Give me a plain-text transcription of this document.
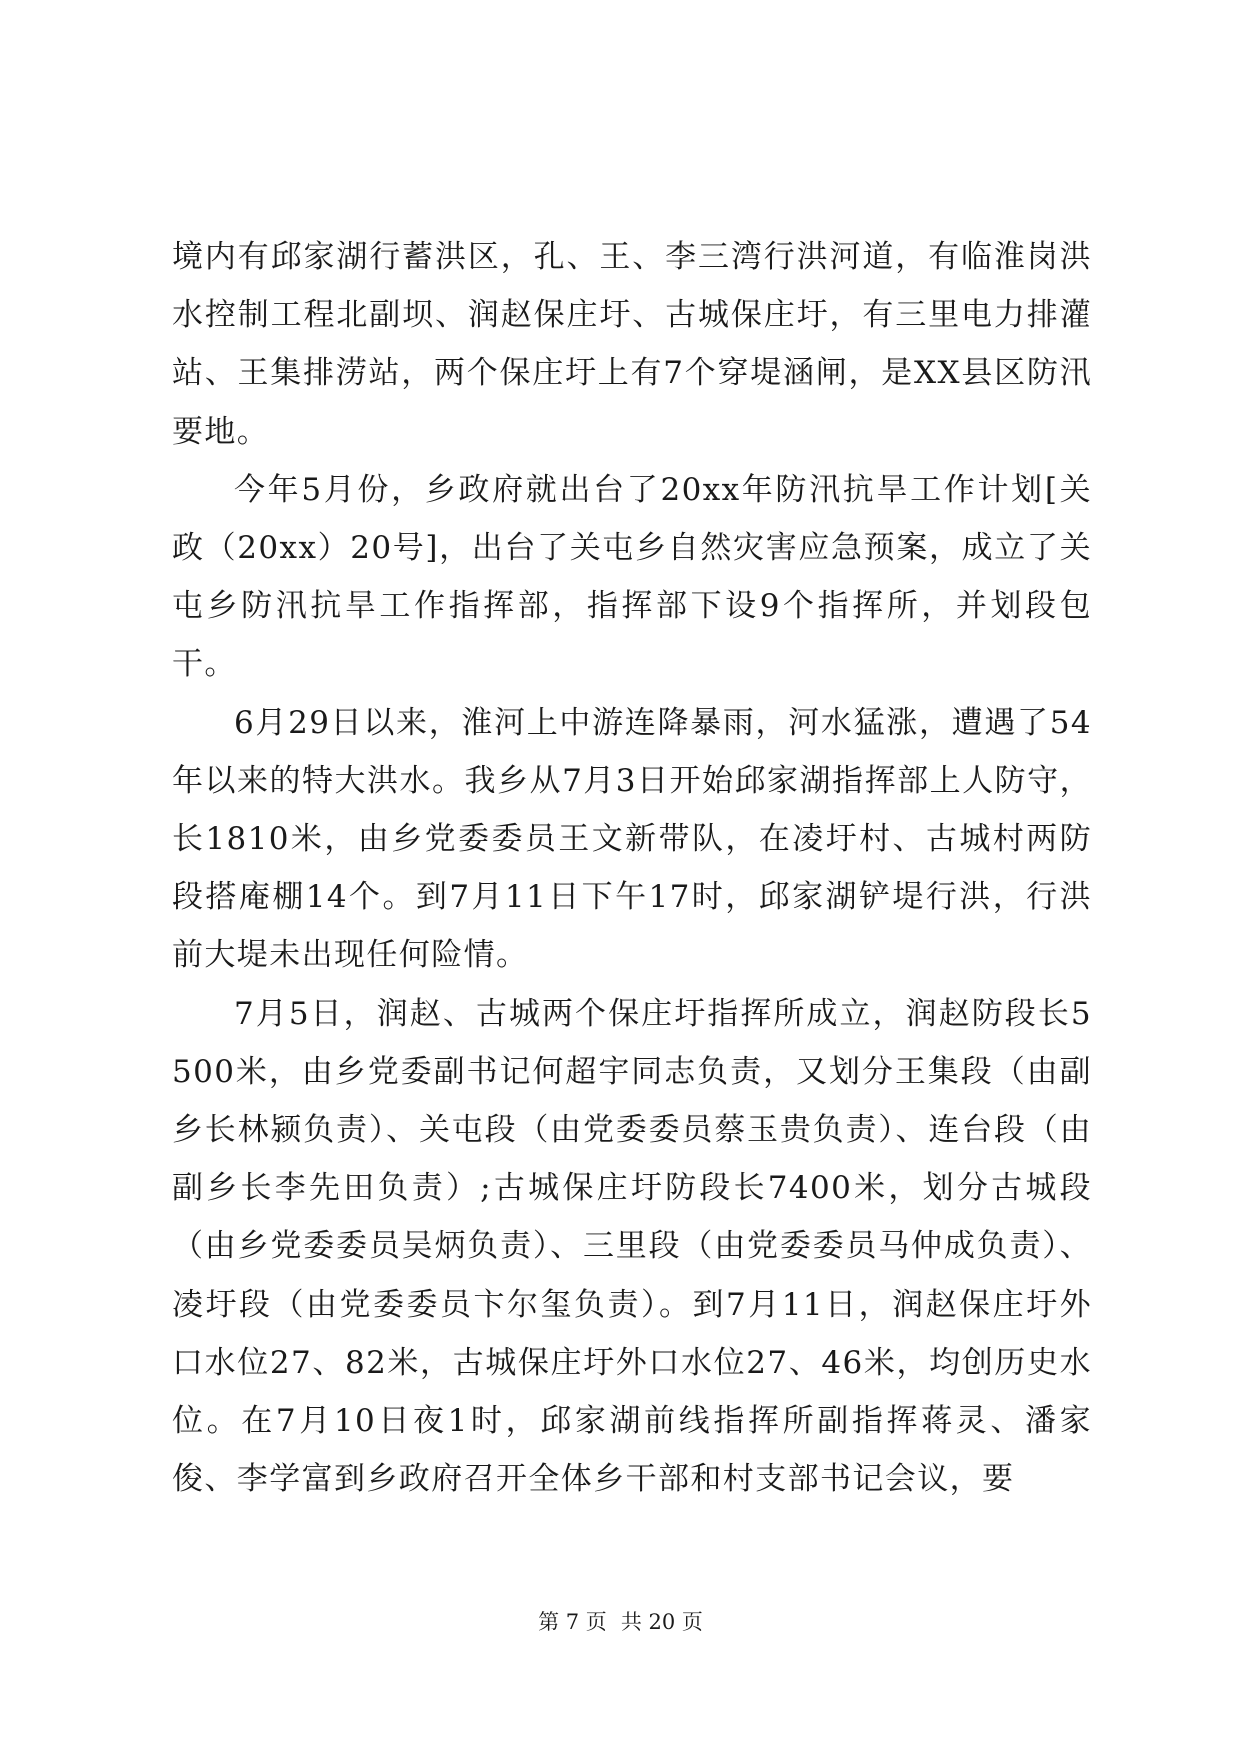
境内有邱家湖行蓄洪区，孔、王、李三湾行洪河道，有临淮岗洪水控制工程北副坝、润赵保庄圩、古城保庄圩，有三里电力排灌站、王集排涝站，两个保庄圩上有7个穿堤涵闸，是XX县区防汛要地。

今年5月份，乡政府就出台了20xx年防汛抗旱工作计划[关政（20xx）20号]，出台了关屯乡自然灾害应急预案，成立了关屯乡防汛抗旱工作指挥部，指挥部下设9个指挥所，并划段包干。

6月29日以来，淮河上中游连降暴雨，河水猛涨，遭遇了54年以来的特大洪水。我乡从7月3日开始邱家湖指挥部上人防守，长1810米，由乡党委委员王文新带队，在凌圩村、古城村两防段搭庵棚14个。到7月11日下午17时，邱家湖铲堤行洪，行洪前大堤未出现任何险情。

7月5日，润赵、古城两个保庄圩指挥所成立，润赵防段长5500米，由乡党委副书记何超宇同志负责，又划分王集段（由副乡长林颍负责）、关屯段（由党委委员蔡玉贵负责）、连台段（由副乡长李先田负责）;古城保庄圩防段长7400米，划分古城段（由乡党委委员吴炳负责）、三里段（由党委委员马仲成负责）、凌圩段（由党委委员卞尔玺负责）。到7月11日，润赵保庄圩外口水位27、82米，古城保庄圩外口水位27、46米，均创历史水位。在7月10日夜1时，邱家湖前线指挥所副指挥蒋灵、潘家俊、李学富到乡政府召开全体乡干部和村支部书记会议，要

第 7 页 共 20 页
